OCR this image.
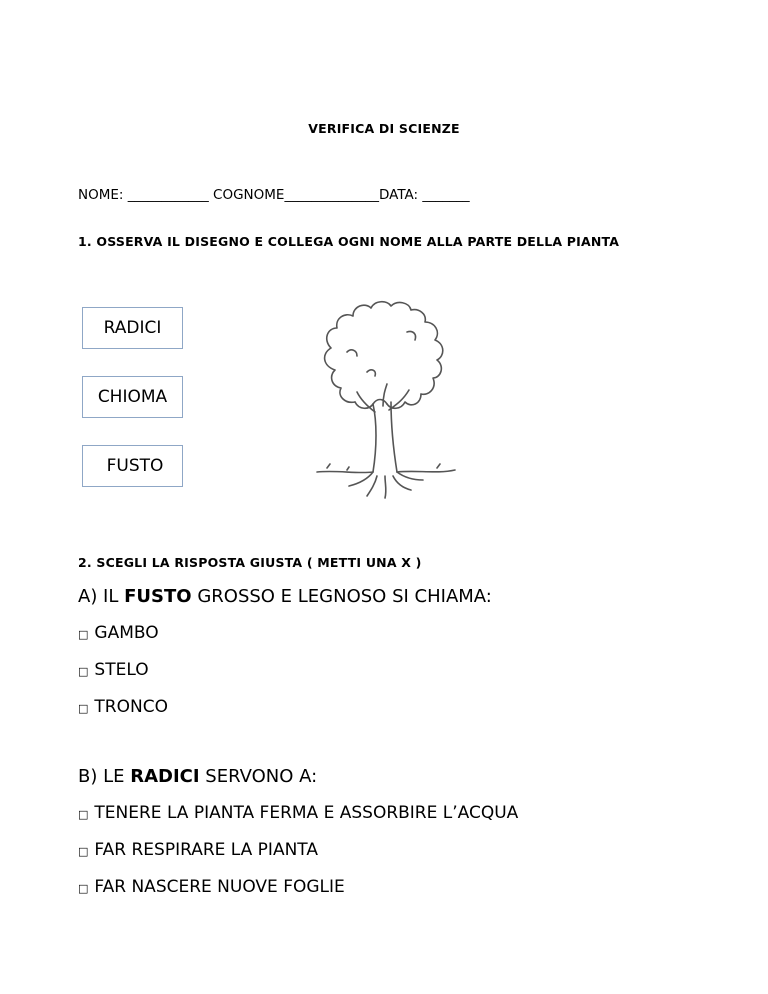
VERIFICA DI SCIENZE
NOME: ____________ COGNOME______________DATA: _______
1. OSSERVA IL DISEGNO E COLLEGA OGNI NOME ALLA PARTE DELLA PIANTA
RADICI
CHIOMA
FUSTO
2. SCEGLI LA RISPOSTA GIUSTA ( METTI UNA X )
A) IL FUSTO GROSSO E LEGNOSO SI CHIAMA:
□ GAMBO
□ STELO
□ TRONCO
B) LE RADICI SERVONO A:
□ TENERE LA PIANTA FERMA E ASSORBIRE L’ACQUA
□ FAR RESPIRARE LA PIANTA
□ FAR NASCERE NUOVE FOGLIE
